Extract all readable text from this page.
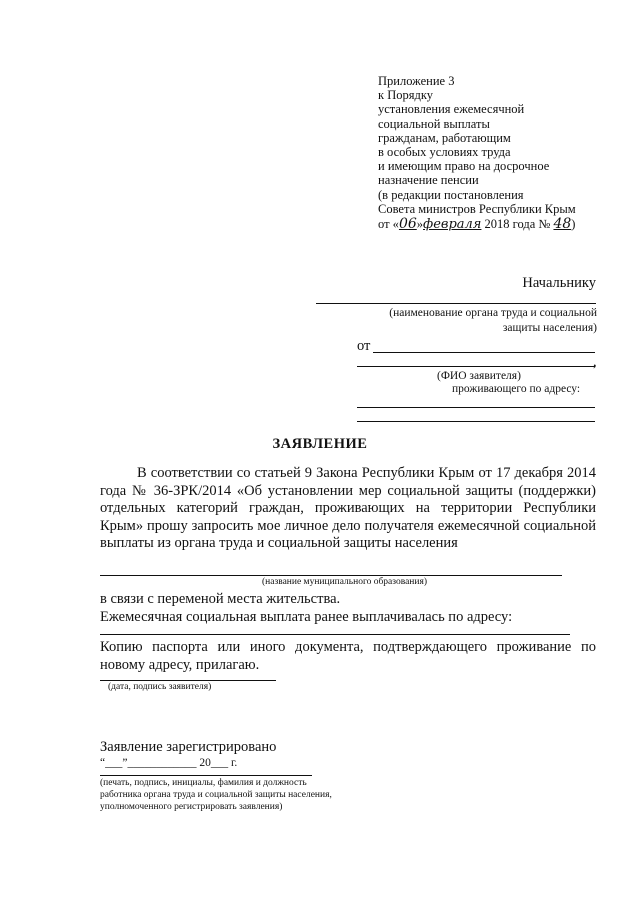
Приложение 3
к Порядку
установления ежемесячной
социальной выплаты
гражданам, работающим
в особых условиях труда
и имеющим право на досрочное
назначение пенсии
(в редакции постановления
Совета министров Республики Крым
от «06»февраля 2018 года № 48)
Начальнику
(наименование органа труда и социальной
защиты населения)
от
,
(ФИО заявителя)
проживающего по адресу:
ЗАЯВЛЕНИЕ
В соответствии со статьей 9 Закона Республики Крым от 17 декабря 2014 года № 36-ЗРК/2014 «Об установлении мер социальной защиты (поддержки) отдельных категорий граждан, проживающих на территории Республики Крым» прошу запросить мое личное дело получателя ежемесячной социальной выплаты из органа труда и социальной защиты населения
(название муниципального образования)
в связи с переменой места жительства.
Ежемесячная социальная выплата ранее выплачивалась по адресу:
Копию паспорта или иного документа, подтверждающего проживание по новому адресу, прилагаю.
(дата, подпись заявителя)
Заявление зарегистрировано
“___”____________ 20___ г.
(печать, подпись, инициалы, фамилия и должность
работника органа труда и социальной защиты населения,
уполномоченного регистрировать заявления)
